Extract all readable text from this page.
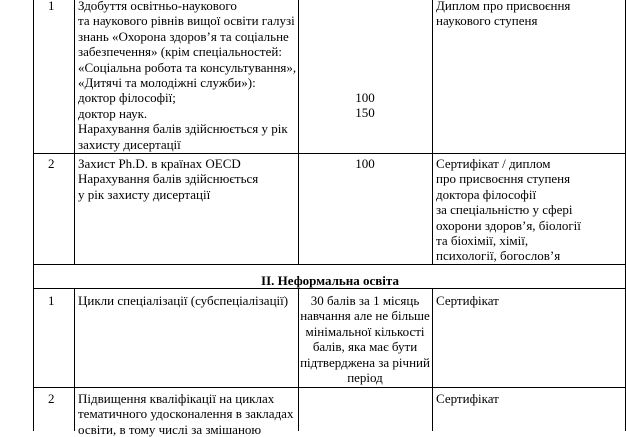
1 Здобуття освітньо-наукового
та наукового рівнів вищої освіти галузі
знань «Охорона здоров’я та соціальне
забезпечення» (крім спеціальностей:
«Соціальна робота та консультування»,
«Дитячі та молодіжні служби»):
доктор філософії;
доктор наук.
Нарахування балів здійснюється у рік
захисту дисертації
100
150
Диплом про присвоєння
наукового ступеня
2 Захист Ph.D. в країнах OECD
Нарахування балів здійснюється
у рік захисту дисертації
100	Сертифікат / диплом
про присвоєння ступеня
доктора філософії
за спеціальністю у сфері
охорони здоров’я, біології
та біохімії, хімії,
психології, богослов’я
ІІ. Неформальна освіта
1 Цикли спеціалізації (субспеціалізації)	30 балів за 1 місяць
навчання але не більше
мінімальної кількості
балів, яка має бути
підтверджена за річний
період
Сертифікат
2 Підвищення кваліфікації на циклах
тематичного удосконалення в закладах
освіти, в тому числі за змішаною
Сертифікат
